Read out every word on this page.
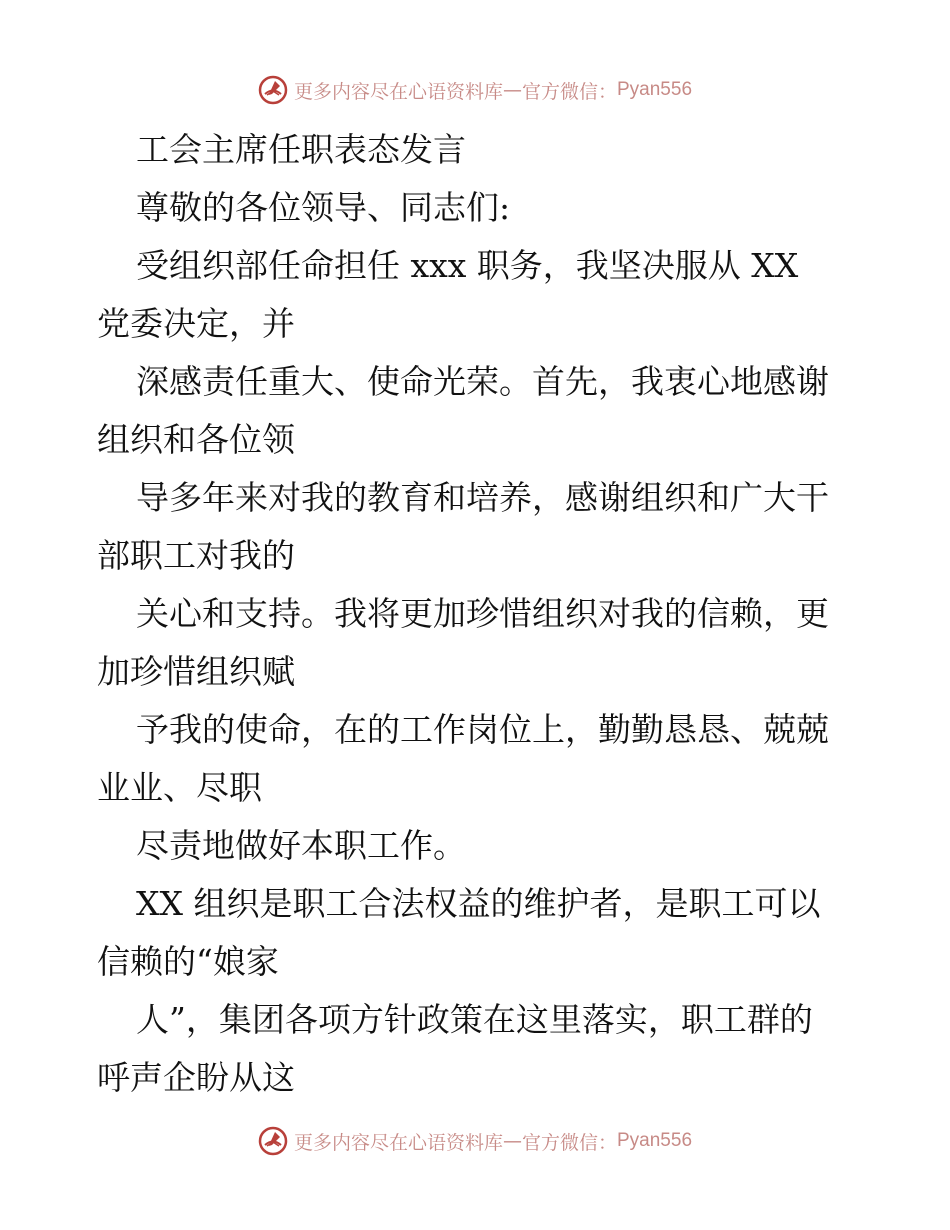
更多内容尽在心语资料库 — 官方微信： Pyan556
工会主席任职表态发言
尊敬的各位领导、同志们:
受组织部任命担任 xxx 职务，我坚决服从 XX
党委决定，并
深感责任重大、使命光荣。首先，我衷心地感谢
组织和各位领
导多年来对我的教育和培养，感谢组织和广大干
部职工对我的
关心和支持。我将更加珍惜组织对我的信赖，更
加珍惜组织赋
予我的使命，在的工作岗位上，勤勤恳恳、兢兢
业业、尽职
尽责地做好本职工作。
XX 组织是职工合法权益的维护者，是职工可以
信赖的“娘家
人”，集团各项方针政策在这里落实，职工群的
呼声企盼从这
更多内容尽在心语资料库 — 官方微信： Pyan556
